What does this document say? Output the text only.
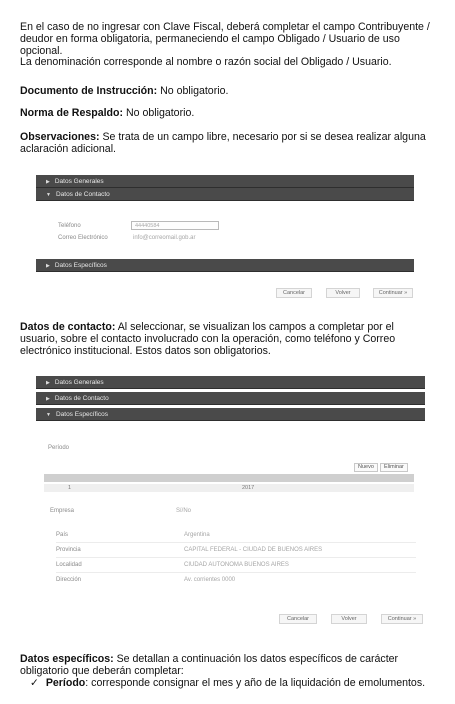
En el caso de no ingresar con Clave Fiscal, deberá completar el campo Contribuyente /
deudor en forma obligatoria, permaneciendo el campo Obligado / Usuario de uso
opcional.
La denominación corresponde al nombre o razón social del Obligado / Usuario.
Documento de Instrucción: No obligatorio.
Norma de Respaldo: No obligatorio.
Observaciones: Se trata de un campo libre, necesario por si se desea realizar alguna
aclaración adicional.
▶ Datos Generales
▼ Datos de Contacto
Teléfono	44440584
Correo Electrónico	info@correomail.gob.ar
▶ Datos Específicos
Cancelar	Volver	Continuar »
Datos de contacto: Al seleccionar, se visualizan los campos a completar por el
usuario, sobre el contacto involucrado con la operación, como teléfono y Correo
electrónico institucional. Estos datos son obligatorios.
▶ Datos Generales
▶ Datos de Contacto
▼ Datos Específicos
Período
Nuevo	Eliminar
1	2017
Empresa	Sí/No
País	Argentina
Provincia	CAPITAL FEDERAL - CIUDAD DE BUENOS AIRES
Localidad	CIUDAD AUTONOMA BUENOS AIRES
Dirección	Av. corrientes 0000
Cancelar	Volver	Continuar »
Datos específicos: Se detallan a continuación los datos específicos de carácter
obligatorio que deberán completar:
✓ Período: corresponde consignar el mes y año de la liquidación de emolumentos.
